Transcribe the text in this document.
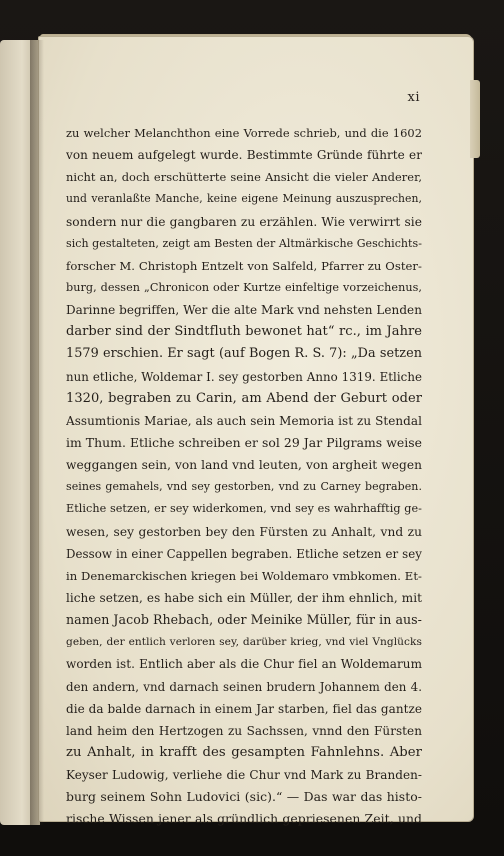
xi
zu welcher Melanchthon eine Vorrede schrieb, und die 1602
von neuem aufgelegt wurde. Bestimmte Gründe führte er
nicht an, doch erschütterte seine Ansicht die vieler Anderer,
und veranlaßte Manche, keine eigene Meinung auszusprechen,
sondern nur die gangbaren zu erzählen. Wie verwirrt sie
sich gestalteten, zeigt am Besten der Altmärkische Geschichts-
forscher M. Christoph Entzelt von Salfeld, Pfarrer zu Oster-
burg, dessen „Chronicon oder Kurtze einfeltige vorzeichenus,
Darinne begriffen, Wer die alte Mark vnd nehsten Lenden
darber sind der Sindtfluth bewonet hat“ rc., im Jahre
1579 erschien. Er sagt (auf Bogen R. S. 7): „Da setzen
nun etliche, Woldemar I. sey gestorben Anno 1319. Etliche
1320, begraben zu Carin, am Abend der Geburt oder
Assumtionis Mariae, als auch sein Memoria ist zu Stendal
im Thum. Etliche schreiben er sol 29 Jar Pilgrams weise
weggangen sein, von land vnd leuten, von argheit wegen
seines gemahels, vnd sey gestorben, vnd zu Carney begraben.
Etliche setzen, er sey widerkomen, vnd sey es wahrhafftig ge-
wesen, sey gestorben bey den Fürsten zu Anhalt, vnd zu
Dessow in einer Cappellen begraben. Etliche setzen er sey
in Denemarckischen kriegen bei Woldemaro vmbkomen. Et-
liche setzen, es habe sich ein Müller, der ihm ehnlich, mit
namen Jacob Rhebach, oder Meinike Müller, für in aus-
geben, der entlich verloren sey, darüber krieg, vnd viel Vnglücks
worden ist. Entlich aber als die Chur fiel an Woldemarum
den andern, vnd darnach seinen brudern Johannem den 4.
die da balde darnach in einem Jar starben, fiel das gantze
land heim den Hertzogen zu Sachssen, vnnd den Fürsten
zu Anhalt, in krafft des gesampten Fahnlehns. Aber
Keyser Ludowig, verliehe die Chur vnd Mark zu Branden-
burg seinem Sohn Ludovici (sic).“ — Das war das histo-
rische Wissen jener als gründlich gepriesenen Zeit, und
